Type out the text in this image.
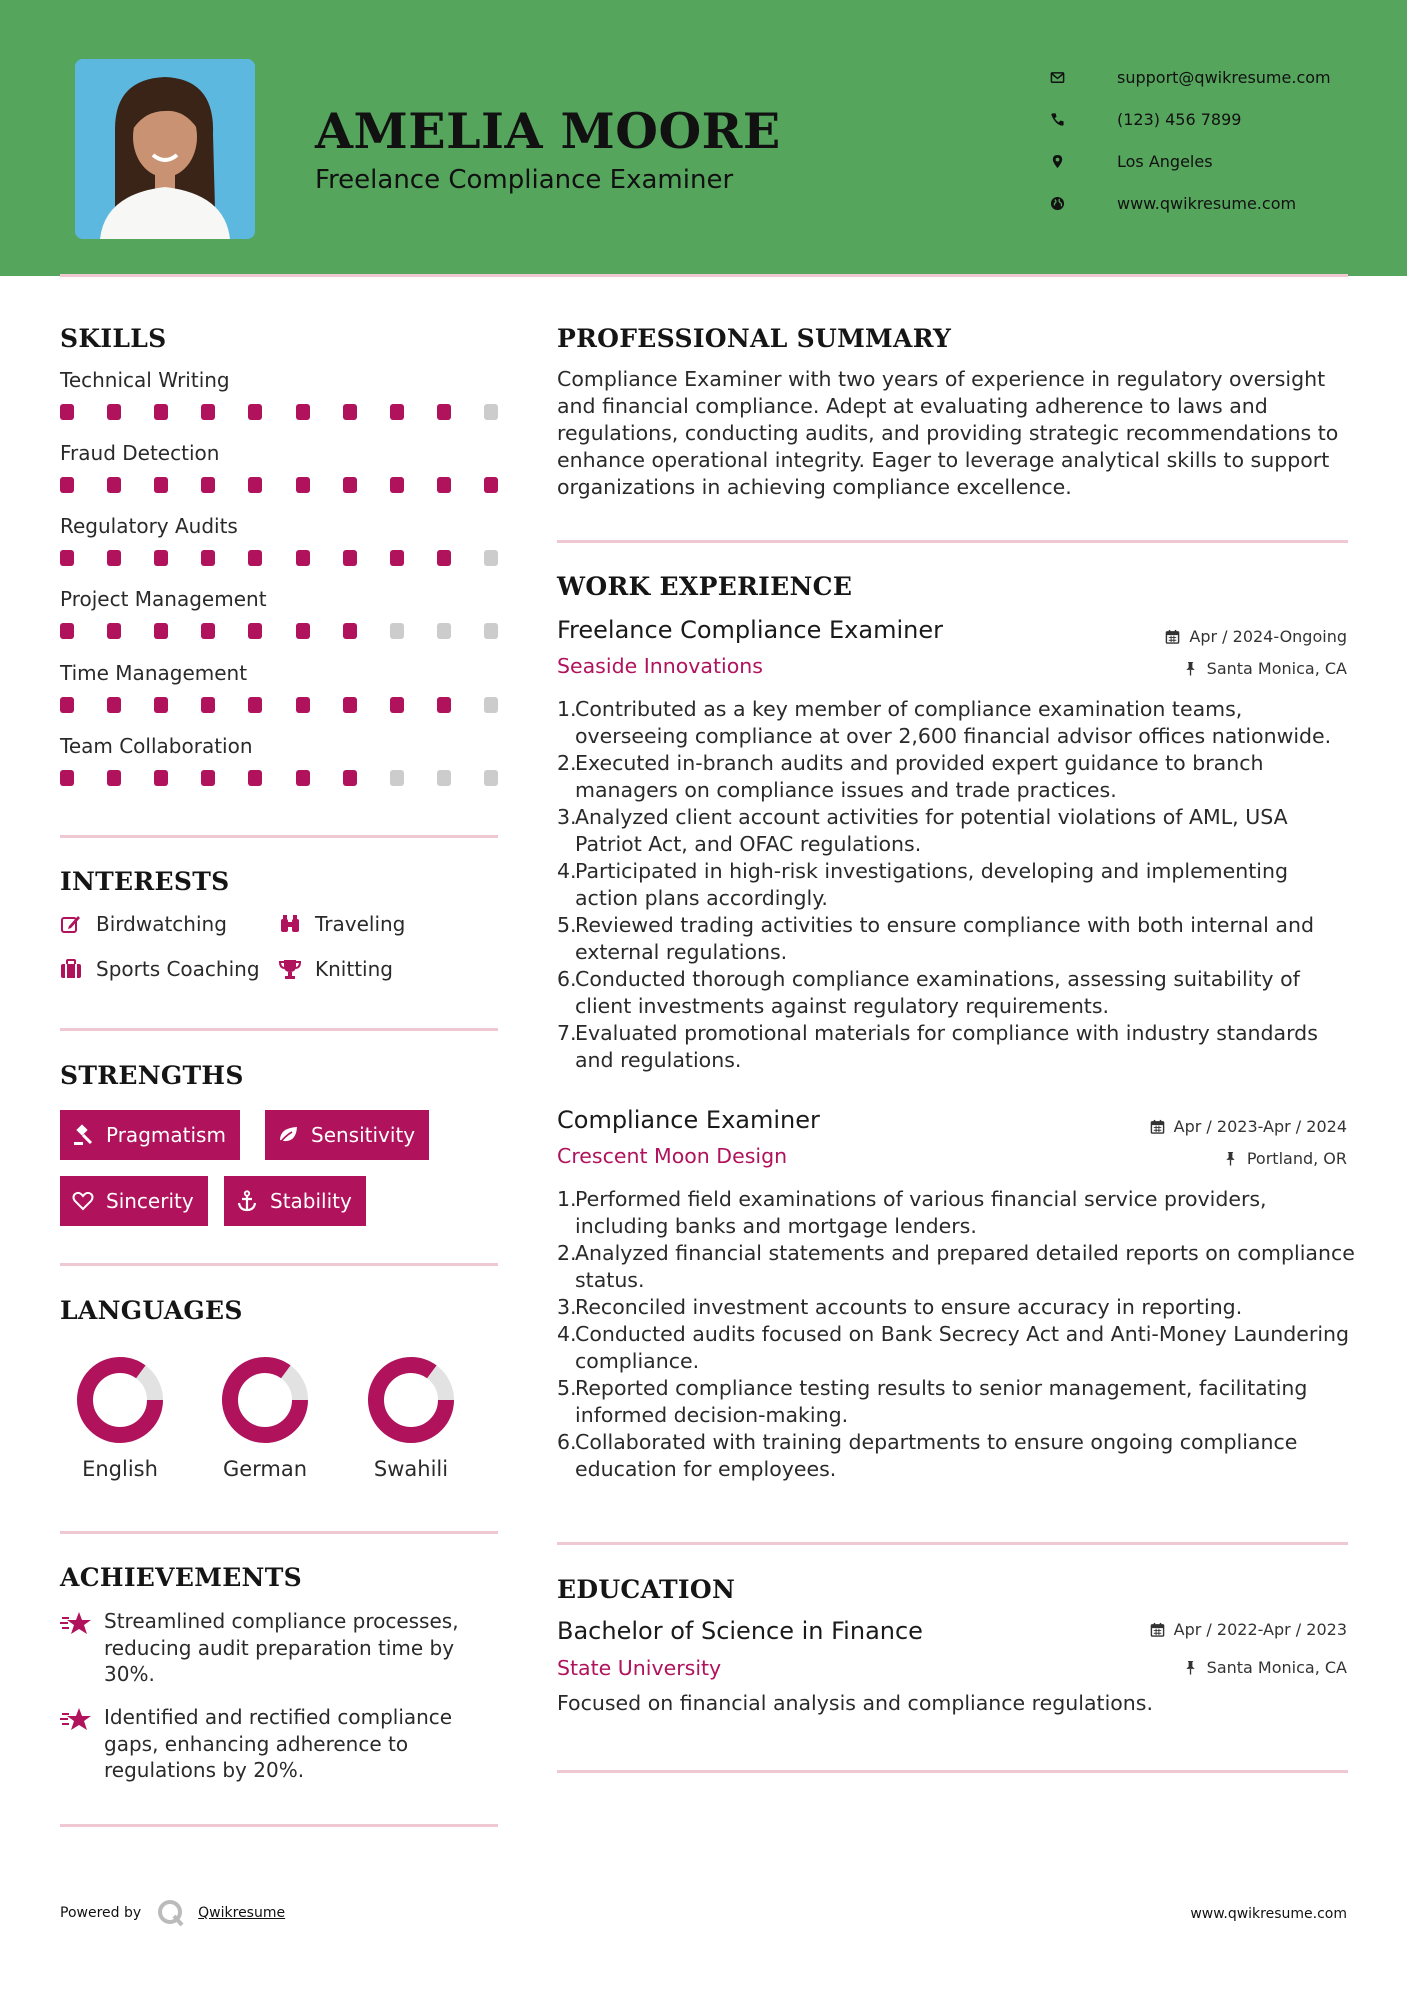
AMELIA MOORE
Freelance Compliance Examiner
support@qwikresume.com
(123) 456 7899
Los Angeles
www.qwikresume.com
SKILLS
Technical Writing
Fraud Detection
Regulatory Audits
Project Management
Time Management
Team Collaboration
INTERESTS
Birdwatching	Traveling
Sports Coaching	Knitting
STRENGTHS
Pragmatism	Sensitivity
Sincerity	Stability
LANGUAGES
English	German	Swahili
ACHIEVEMENTS
Streamlined compliance processes, reducing audit preparation time by 30%.
Identified and rectified compliance gaps, enhancing adherence to regulations by 20%.
PROFESSIONAL SUMMARY
Compliance Examiner with two years of experience in regulatory oversight and financial compliance. Adept at evaluating adherence to laws and regulations, conducting audits, and providing strategic recommendations to enhance operational integrity. Eager to leverage analytical skills to support organizations in achieving compliance excellence.
WORK EXPERIENCE
Freelance Compliance Examiner	Apr / 2024-Ongoing
Seaside Innovations	Santa Monica, CA
1.
Contributed as a key member of compliance examination teams, overseeing compliance at over 2,600 financial advisor offices nationwide.
2.
Executed in-branch audits and provided expert guidance to branch managers on compliance issues and trade practices.
3.
Analyzed client account activities for potential violations of AML, USA Patriot Act, and OFAC regulations.
4.
Participated in high-risk investigations, developing and implementing action plans accordingly.
5.
Reviewed trading activities to ensure compliance with both internal and external regulations.
6.
Conducted thorough compliance examinations, assessing suitability of client investments against regulatory requirements.
7.
Evaluated promotional materials for compliance with industry standards and regulations.
Compliance Examiner	Apr / 2023-Apr / 2024
Crescent Moon Design	Portland, OR
1.
Performed field examinations of various financial service providers, including banks and mortgage lenders.
2.
Analyzed financial statements and prepared detailed reports on compliance status.
3.
Reconciled investment accounts to ensure accuracy in reporting.
4.
Conducted audits focused on Bank Secrecy Act and Anti-Money Laundering compliance.
5.
Reported compliance testing results to senior management, facilitating informed decision-making.
6.
Collaborated with training departments to ensure ongoing compliance education for employees.
EDUCATION
Bachelor of Science in Finance	Apr / 2022-Apr / 2023
State University	Santa Monica, CA
Focused on financial analysis and compliance regulations.
Powered by	Qwikresume	www.qwikresume.com
